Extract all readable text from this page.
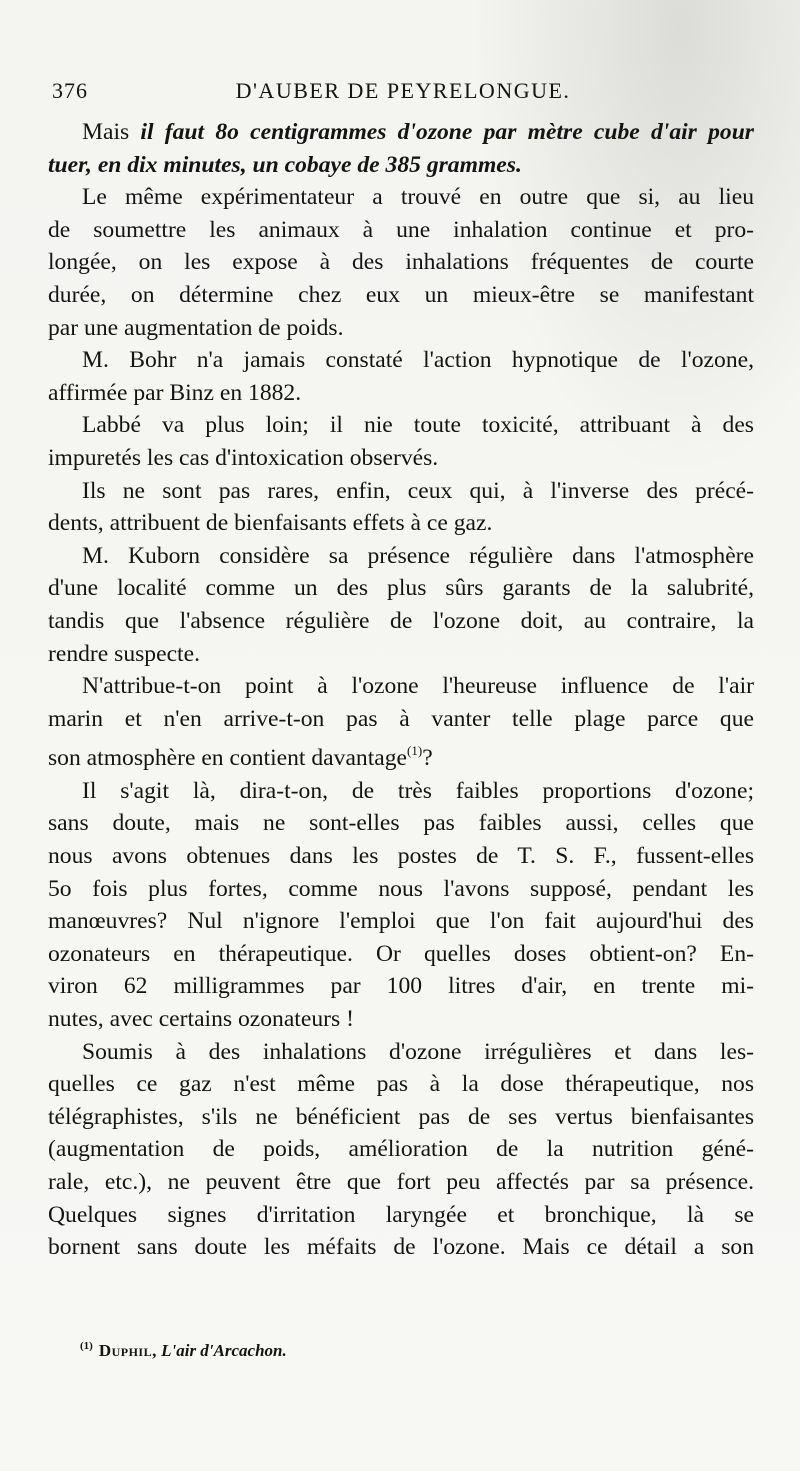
376	D'AUBER DE PEYRELONGUE.
Mais il faut 8o centigrammes d'ozone par mètre cube d'air pour
tuer, en dix minutes, un cobaye de 385 grammes.
Le même expérimentateur a trouvé en outre que si, au lieu
de soumettre les animaux à une inhalation continue et pro-
longée, on les expose à des inhalations fréquentes de courte
durée, on détermine chez eux un mieux-être se manifestant
par une augmentation de poids.
M. Bohr n'a jamais constaté l'action hypnotique de l'ozone,
affirmée par Binz en 1882.
Labbé va plus loin; il nie toute toxicité, attribuant à des
impuretés les cas d'intoxication observés.
Ils ne sont pas rares, enfin, ceux qui, à l'inverse des précé-
dents, attribuent de bienfaisants effets à ce gaz.
M. Kuborn considère sa présence régulière dans l'atmosphère
d'une localité comme un des plus sûrs garants de la salubrité,
tandis que l'absence régulière de l'ozone doit, au contraire, la
rendre suspecte.
N'attribue-t-on point à l'ozone l'heureuse influence de l'air
marin et n'en arrive-t-on pas à vanter telle plage parce que
son atmosphère en contient davantage$^{(1)}$?
Il s'agit là, dira-t-on, de très faibles proportions d'ozone;
sans doute, mais ne sont-elles pas faibles aussi, celles que
nous avons obtenues dans les postes de T. S. F., fussent-elles
5o fois plus fortes, comme nous l'avons supposé, pendant les
manœuvres? Nul n'ignore l'emploi que l'on fait aujourd'hui des
ozonateurs en thérapeutique. Or quelles doses obtient-on? En-
viron 62 milligrammes par 100 litres d'air, en trente mi-
nutes, avec certains ozonateurs !
Soumis à des inhalations d'ozone irrégulières et dans les-
quelles ce gaz n'est même pas à la dose thérapeutique, nos
télégraphistes, s'ils ne bénéficient pas de ses vertus bienfaisantes
(augmentation de poids, amélioration de la nutrition géné-
rale, etc.), ne peuvent être que fort peu affectés par sa présence.
Quelques signes d'irritation laryngée et bronchique, là se
bornent sans doute les méfaits de l'ozone. Mais ce détail a son
$^{(1)}$ Duphil, L'air d'Arcachon.
